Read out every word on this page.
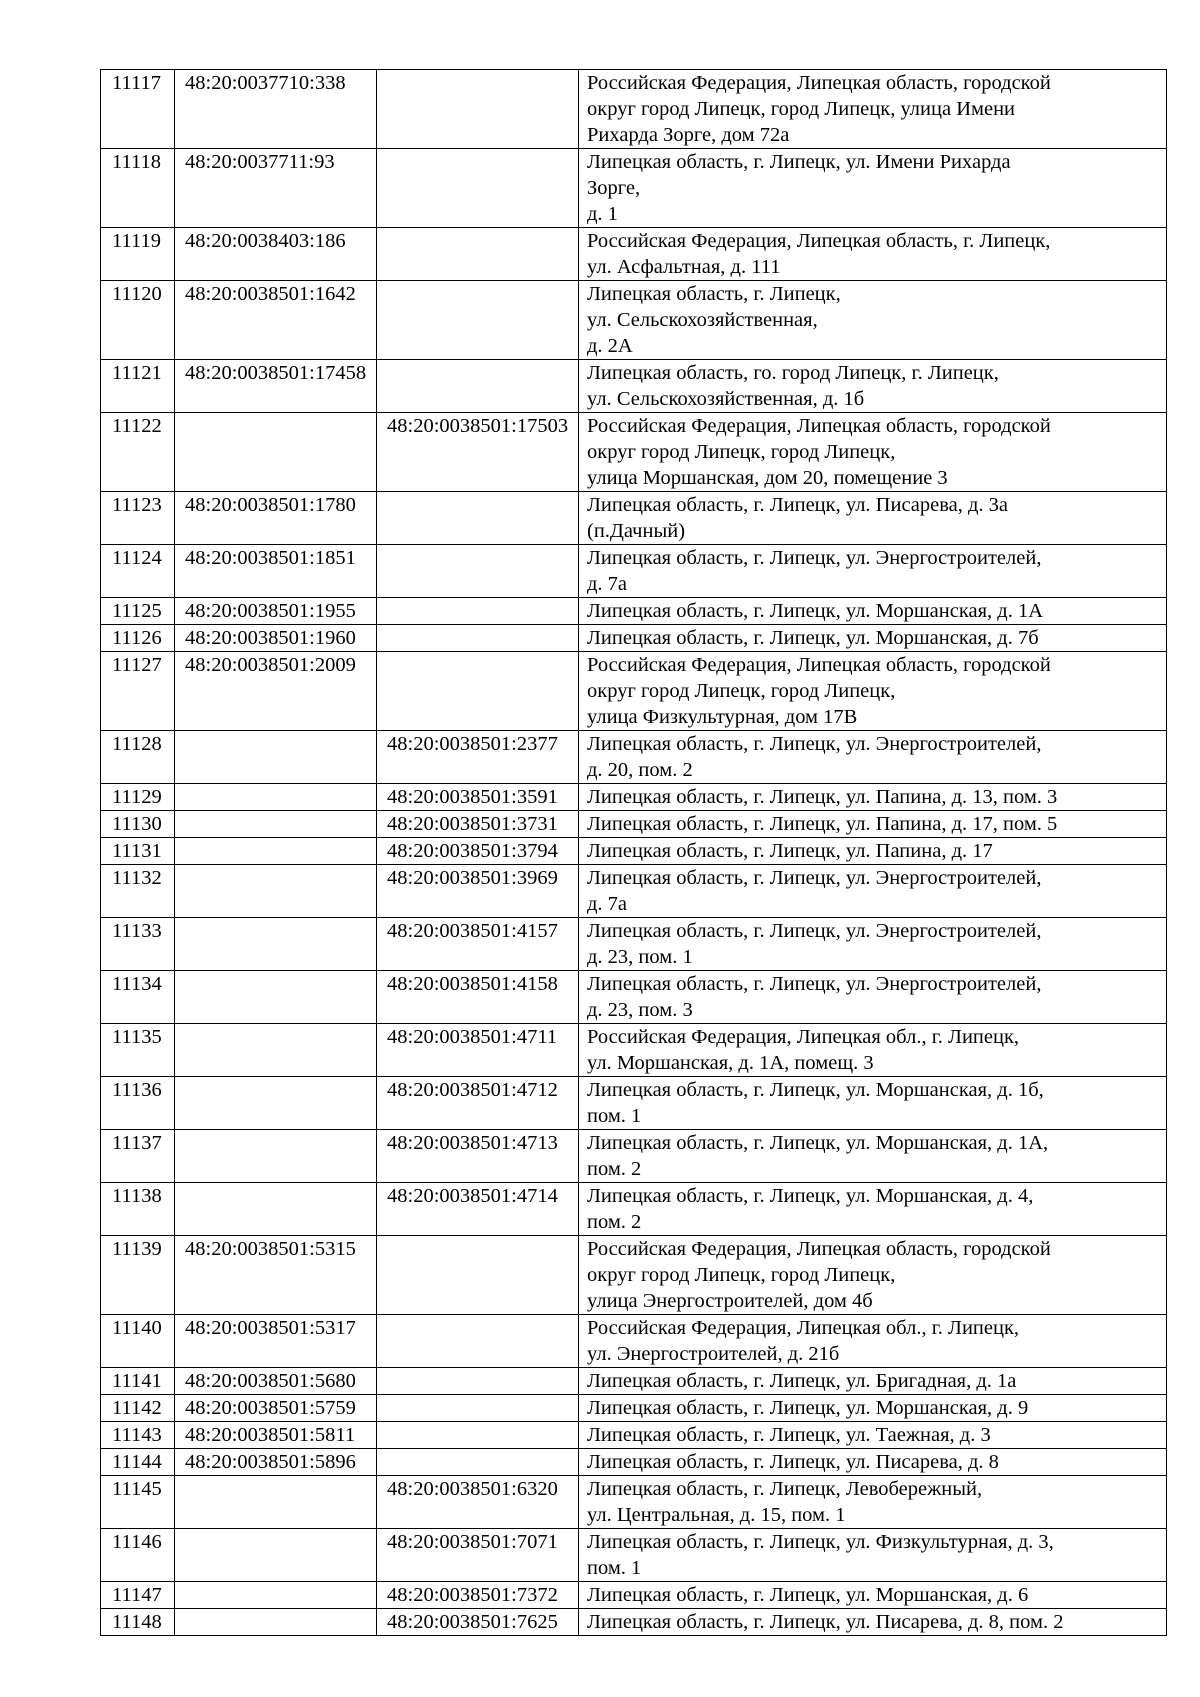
11117	48:20:0037710:338		Российская Федерация, Липецкая область, городской
округ город Липецк, город Липецк, улица Имени
Рихарда Зорге, дом 72а
11118	48:20:0037711:93		Липецкая область, г. Липецк, ул. Имени Рихарда
Зорге,
д. 1
11119	48:20:0038403:186		Российская Федерация, Липецкая область, г. Липецк,
ул. Асфальтная, д. 111
11120	48:20:0038501:1642		Липецкая область, г. Липецк,
ул. Сельскохозяйственная,
д. 2А
11121	48:20:0038501:17458		Липецкая область, го. город Липецк, г. Липецк,
ул. Сельскохозяйственная, д. 1б
11122		48:20:0038501:17503	Российская Федерация, Липецкая область, городской
округ город Липецк, город Липецк,
улица Моршанская, дом 20, помещение 3
11123	48:20:0038501:1780		Липецкая область, г. Липецк, ул. Писарева, д. 3а
(п.Дачный)
11124	48:20:0038501:1851		Липецкая область, г. Липецк, ул. Энергостроителей,
д. 7а
11125	48:20:0038501:1955		Липецкая область, г. Липецк, ул. Моршанская, д. 1А
11126	48:20:0038501:1960		Липецкая область, г. Липецк, ул. Моршанская, д. 7б
11127	48:20:0038501:2009		Российская Федерация, Липецкая область, городской
округ город Липецк, город Липецк,
улица Физкультурная, дом 17В
11128		48:20:0038501:2377	Липецкая область, г. Липецк, ул. Энергостроителей,
д. 20, пом. 2
11129		48:20:0038501:3591	Липецкая область, г. Липецк, ул. Папина, д. 13, пом. 3
11130		48:20:0038501:3731	Липецкая область, г. Липецк, ул. Папина, д. 17, пом. 5
11131		48:20:0038501:3794	Липецкая область, г. Липецк, ул. Папина, д. 17
11132		48:20:0038501:3969	Липецкая область, г. Липецк, ул. Энергостроителей,
д. 7а
11133		48:20:0038501:4157	Липецкая область, г. Липецк, ул. Энергостроителей,
д. 23, пом. 1
11134		48:20:0038501:4158	Липецкая область, г. Липецк, ул. Энергостроителей,
д. 23, пом. 3
11135		48:20:0038501:4711	Российская Федерация, Липецкая обл., г. Липецк,
ул. Моршанская, д. 1А, помещ. 3
11136		48:20:0038501:4712	Липецкая область, г. Липецк, ул. Моршанская, д. 1б,
пом. 1
11137		48:20:0038501:4713	Липецкая область, г. Липецк, ул. Моршанская, д. 1А,
пом. 2
11138		48:20:0038501:4714	Липецкая область, г. Липецк, ул. Моршанская, д. 4,
пом. 2
11139	48:20:0038501:5315		Российская Федерация, Липецкая область, городской
округ город Липецк, город Липецк,
улица Энергостроителей, дом 4б
11140	48:20:0038501:5317		Российская Федерация, Липецкая обл., г. Липецк,
ул. Энергостроителей, д. 21б
11141	48:20:0038501:5680		Липецкая область, г. Липецк, ул. Бригадная, д. 1а
11142	48:20:0038501:5759		Липецкая область, г. Липецк, ул. Моршанская, д. 9
11143	48:20:0038501:5811		Липецкая область, г. Липецк, ул. Таежная, д. 3
11144	48:20:0038501:5896		Липецкая область, г. Липецк, ул. Писарева, д. 8
11145		48:20:0038501:6320	Липецкая область, г. Липецк, Левобережный,
ул. Центральная, д. 15, пом. 1
11146		48:20:0038501:7071	Липецкая область, г. Липецк, ул. Физкультурная, д. 3,
пом. 1
11147		48:20:0038501:7372	Липецкая область, г. Липецк, ул. Моршанская, д. 6
11148		48:20:0038501:7625	Липецкая область, г. Липецк, ул. Писарева, д. 8, пом. 2
